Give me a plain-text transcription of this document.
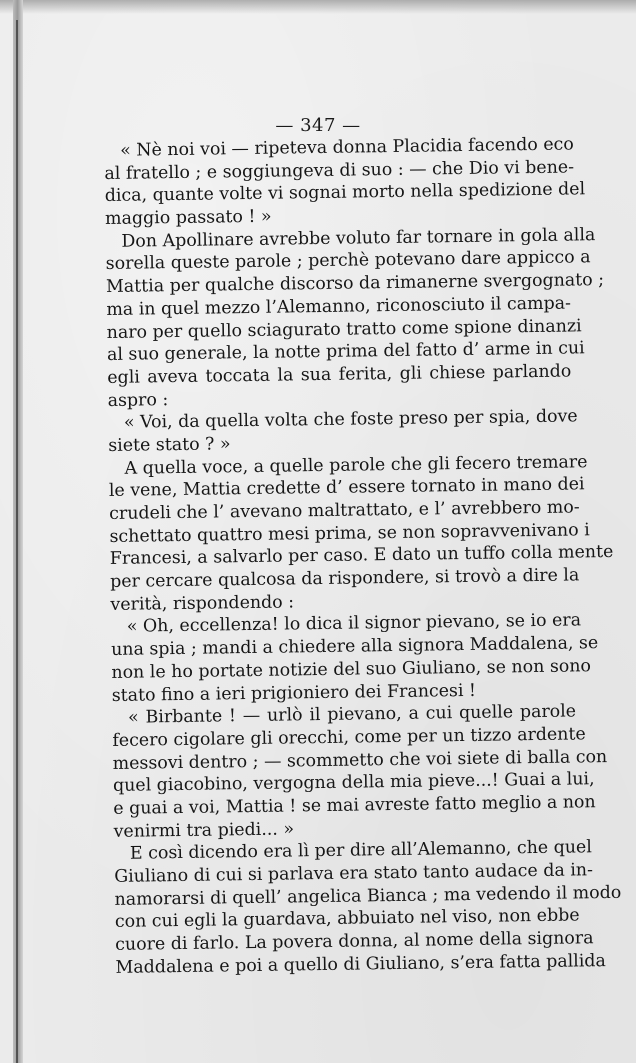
— 347 —
« Nè noi voi — ripeteva donna Placidia facendo eco
al fratello ; e soggiungeva di suo : — che Dio vi bene-
dica, quante volte vi sognai morto nella spedizione del
maggio passato ! »
Don Apollinare avrebbe voluto far tornare in gola alla
sorella queste parole ; perchè potevano dare appicco a
Mattia per qualche discorso da rimanerne svergognato ;
ma in quel mezzo l’Alemanno, riconosciuto il campa-
naro per quello sciagurato tratto come spione dinanzi
al suo generale, la notte prima del fatto d’ arme in cui
egli aveva toccata la sua ferita, gli chiese parlando
aspro :
« Voi, da quella volta che foste preso per spia, dove
siete stato ? »
A quella voce, a quelle parole che gli fecero tremare
le vene, Mattia credette d’ essere tornato in mano dei
crudeli che l’ avevano maltrattato, e l’ avrebbero mo-
schettato quattro mesi prima, se non sopravvenivano i
Francesi, a salvarlo per caso. E dato un tuffo colla mente
per cercare qualcosa da rispondere, si trovò a dire la
verità, rispondendo :
« Oh, eccellenza! lo dica il signor pievano, se io era
una spia ; mandi a chiedere alla signora Maddalena, se
non le ho portate notizie del suo Giuliano, se non sono
stato fino a ieri prigioniero dei Francesi !
« Birbante ! — urlò il pievano, a cui quelle parole
fecero cigolare gli orecchi, come per un tizzo ardente
messovi dentro ; — scommetto che voi siete di balla con
quel giacobino, vergogna della mia pieve...! Guai a lui,
e guai a voi, Mattia ! se mai avreste fatto meglio a non
venirmi tra piedi... »
E così dicendo era lì per dire all’Alemanno, che quel
Giuliano di cui si parlava era stato tanto audace da in-
namorarsi di quell’ angelica Bianca ; ma vedendo il modo
con cui egli la guardava, abbuiato nel viso, non ebbe
cuore di farlo. La povera donna, al nome della signora
Maddalena e poi a quello di Giuliano, s’era fatta pallida
